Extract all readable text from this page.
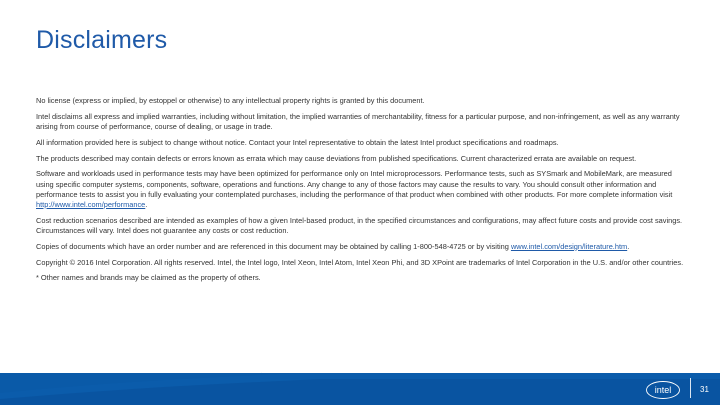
Disclaimers

No license (express or implied, by estoppel or otherwise) to any intellectual property rights is granted by this document.

Intel disclaims all express and implied warranties, including without limitation, the implied warranties of merchantability, fitness for a particular purpose, and non-infringement, as well as any warranty arising from course of performance, course of dealing, or usage in trade.

All information provided here is subject to change without notice. Contact your Intel representative to obtain the latest Intel product specifications and roadmaps.

The products described may contain defects or errors known as errata which may cause deviations from published specifications. Current characterized errata are available on request.

Software and workloads used in performance tests may have been optimized for performance only on Intel microprocessors. Performance tests, such as SYSmark and MobileMark, are measured using specific computer systems, components, software, operations and functions. Any change to any of those factors may cause the results to vary. You should consult other information and performance tests to assist you in fully evaluating your contemplated purchases, including the performance of that product when combined with other products. For more complete information visit http://www.intel.com/performance.

Cost reduction scenarios described are intended as examples of how a given Intel-based product, in the specified circumstances and configurations, may affect future costs and provide cost savings. Circumstances will vary. Intel does not guarantee any costs or cost reduction.

Copies of documents which have an order number and are referenced in this document may be obtained by calling 1-800-548-4725 or by visiting www.intel.com/design/literature.htm.

Copyright © 2016 Intel Corporation. All rights reserved. Intel, the Intel logo, Intel Xeon, Intel Atom, Intel Xeon Phi, and 3D XPoint are trademarks of Intel Corporation in the U.S. and/or other countries.

* Other names and brands may be claimed as the property of others.

intel	31
